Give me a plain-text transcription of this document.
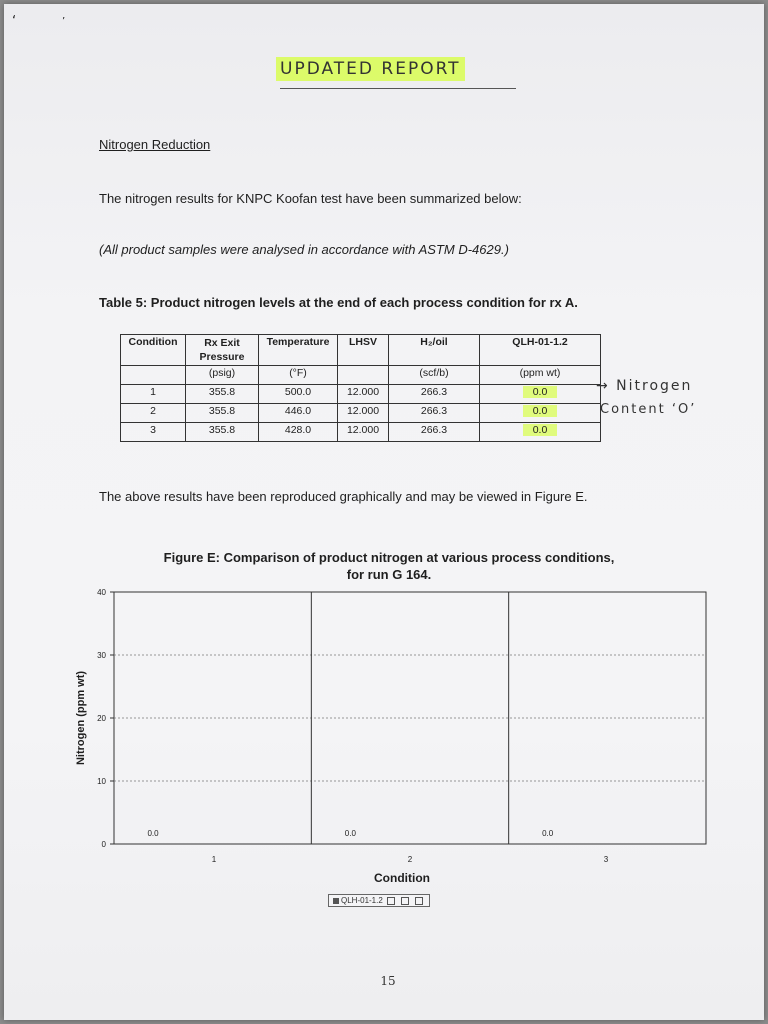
‘	’
UPDATED REPORT
Nitrogen Reduction
The nitrogen results for KNPC Koofan test have been summarized below:
(All product samples were analysed in accordance with ASTM D-4629.)
Table 5: Product nitrogen levels at the end of each process condition for rx A.
Condition	Rx Exit Pressure	Temperature	LHSV	H₂/oil	QLH-01-1.2
	(psig)	(°F)		(scf/b)	(ppm wt)
1	355.8	500.0	12.000	266.3	0.0
2	355.8	446.0	12.000	266.3	0.0
3	355.8	428.0	12.000	266.3	0.0
→ Nitrogen
Content ‘O’
The above results have been reproduced graphically and may be viewed in Figure E.
Figure E: Comparison of product nitrogen at various process conditions,
for run G 164.
0
10
20
30
40
0.0
1
0.0
2
0.0
3
Condition
Nitrogen (ppm wt)
QLH-01-1.2
15
